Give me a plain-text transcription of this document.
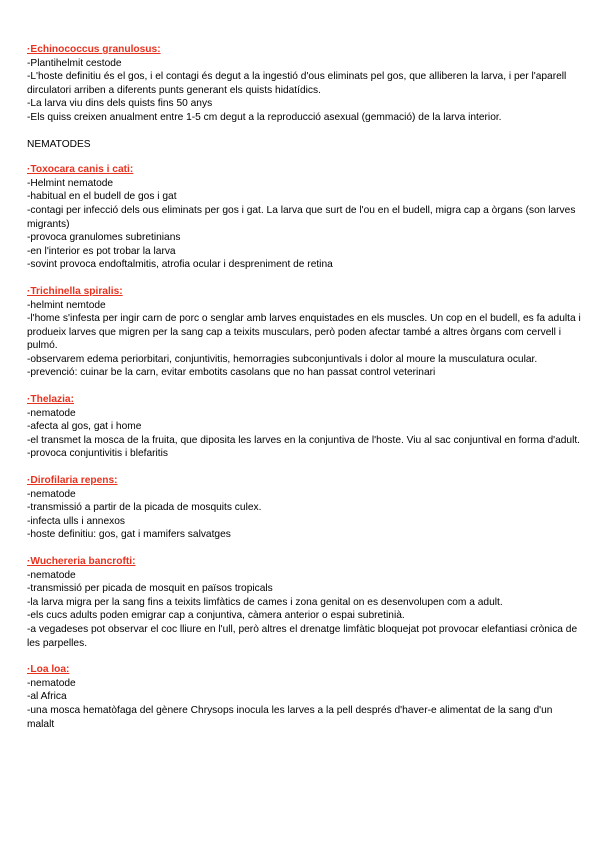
·Echinococcus granulosus:
-Plantihelmit cestode
-L'hoste definitiu és el gos, i el contagi és degut a la ingestió d'ous eliminats pel gos, que alliberen la larva, i per l'aparell dirculatori arriben a diferents punts generant els quists hidatídics.
-La larva viu dins dels quists fins 50 anys
-Els quiss creixen anualment entre 1-5 cm degut a la reproducció asexual (gemmació) de la larva interior.
NEMATODES
·Toxocara canis i cati:
-Helmint nematode
-habitual en el budell de gos i gat
-contagi per infecció dels ous eliminats per gos i gat. La larva que surt de l'ou en el budell, migra cap a òrgans (son larves migrants)
-provoca granulomes subretinians
-en l'interior es pot trobar la larva
-sovint provoca endoftalmitis, atrofia ocular i despreniment de retina
·Trichinella spiralis:
-helmint nemtode
-l'home s'infesta per ingir carn de porc o senglar amb larves enquistades en els muscles. Un cop en el budell, es fa adulta i produeix larves que migren per la sang cap a teixits musculars, però poden afectar també a altres òrgans com cervell i pulmó.
-observarem edema periorbitari, conjuntivitis, hemorragies subconjuntivals i dolor al moure la musculatura ocular.
-prevenció: cuinar be la carn, evitar embotits casolans que no han passat control veterinari
·Thelazia:
-nematode
-afecta al gos, gat i home
-el transmet la mosca de la fruita, que diposita les larves en la conjuntiva de l'hoste. Viu al sac conjuntival en forma d'adult.
-provoca conjuntivitis i blefaritis
·Dirofilaria repens:
-nematode
-transmissió a partir de la picada de mosquits culex.
-infecta ulls i annexos
-hoste definitiu: gos, gat i mamifers salvatges
·Wuchereria bancrofti:
-nematode
-transmissió per picada de mosquit en països tropicals
-la larva migra per la sang fins a teixits limfàtics de cames i zona genital on es desenvolupen com a adult.
-els cucs adults poden emigrar cap a conjuntiva, càmera anterior o espai subretinià.
-a vegadeses pot observar el coc lliure en l'ull, però altres el drenatge limfàtic bloquejat pot provocar elefantiasi crònica de les parpelles.
·Loa loa:
-nematode
-al Africa
-una mosca hematòfaga del gènere Chrysops inocula les larves a la pell després d'haver-e alimentat de la sang d'un malalt
